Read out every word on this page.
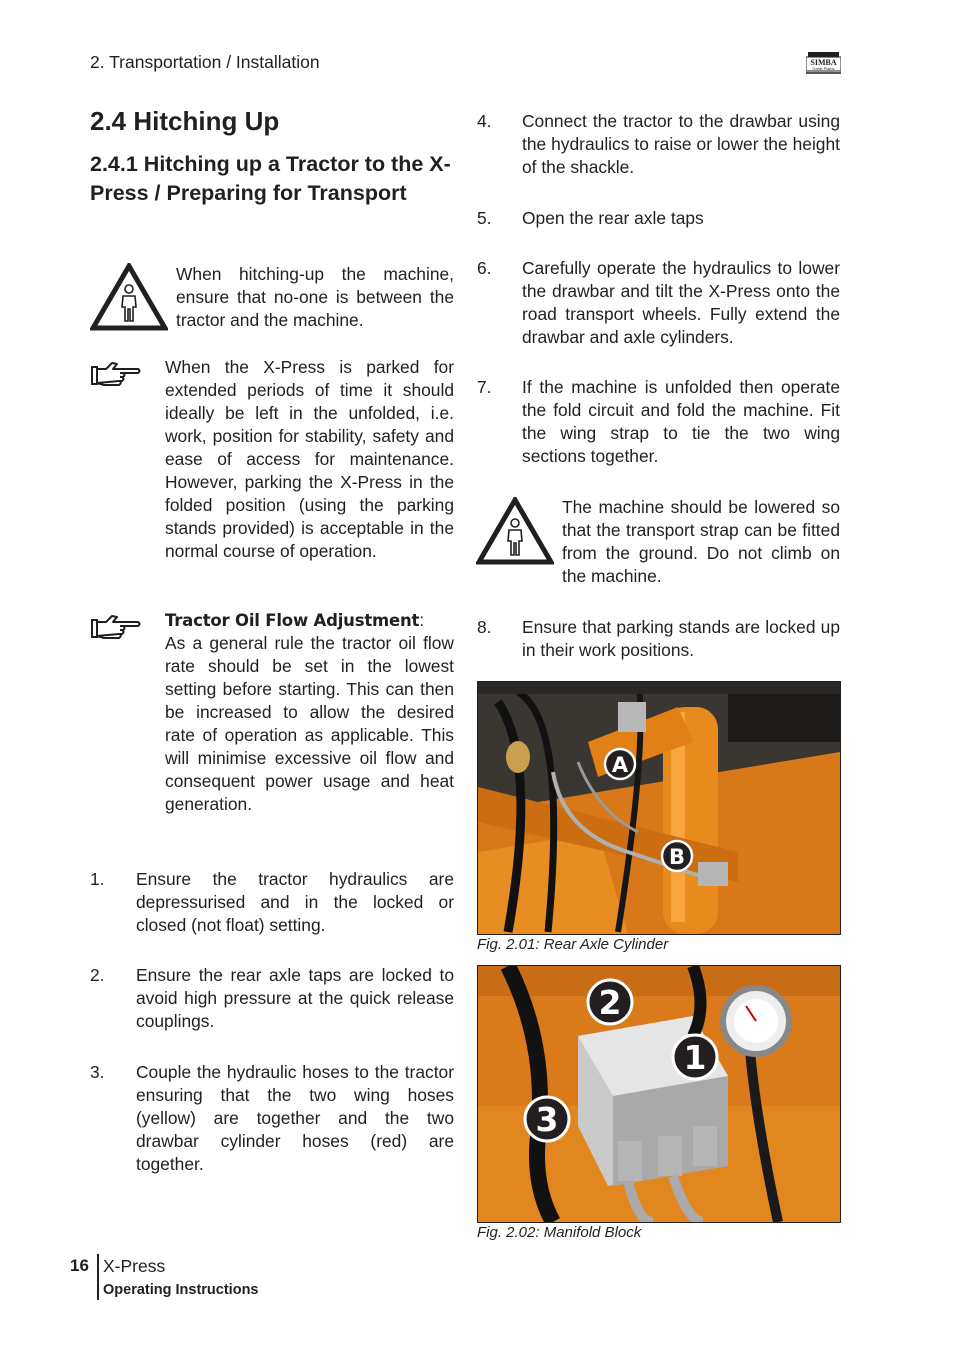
2. Transportation / Installation	SIMBA
Great Plains
2.4 Hitching Up
2.4.1 Hitching up a Tractor to the X-Press / Preparing for Transport

When hitching-up the machine, ensure that no-one is between the tractor and the machine.

When the X-Press is parked for extended periods of time it should ideally be left in the unfolded, i.e. work, position for stability, safety and ease of access for maintenance. However, parking the X-Press in the folded position (using the parking stands provided) is acceptable in the normal course of operation.

Tractor Oil Flow Adjustment:
As a general rule the tractor oil flow rate should be set in the lowest setting before starting. This can then be increased to allow the desired rate of operation as applicable. This will minimise excessive oil flow and consequent power usage and heat generation.

1. Ensure the tractor hydraulics are depressurised and in the locked or closed (not float) setting.

2. Ensure the rear axle taps are locked to avoid high pressure at the quick release couplings.

3. Couple the hydraulic hoses to the tractor ensuring that the two wing hoses (yellow) are together and the two drawbar cylinder hoses (red) are together.

4. Connect the tractor to the drawbar using the hydraulics to raise or lower the height of the shackle.

5. Open the rear axle taps

6. Carefully operate the hydraulics to lower the drawbar and tilt the X-Press onto the road transport wheels. Fully extend the drawbar and axle cylinders.

7. If the machine is unfolded then operate the fold circuit and fold the machine. Fit the wing strap to tie the two wing sections together.

The machine should be lowered so that the transport strap can be fitted from the ground. Do not climb on the machine.

8. Ensure that parking stands are locked up in their work positions.

A
B
Fig. 2.01: Rear Axle Cylinder
2
1
3
Fig. 2.02: Manifold Block
16 X-Press
Operating Instructions
